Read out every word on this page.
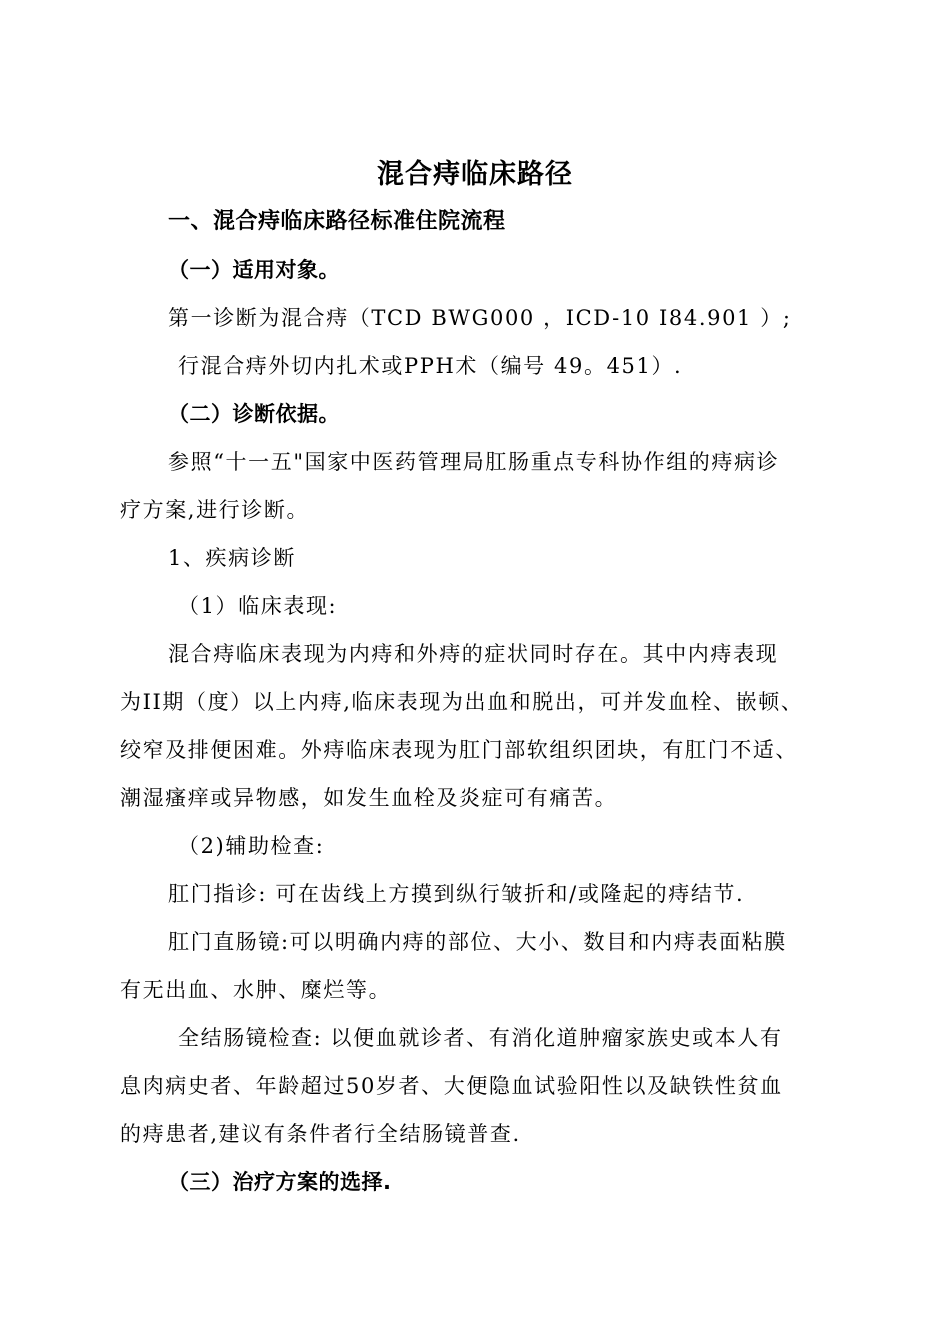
混合痔临床路径
一、混合痔临床路径标准住院流程
（一）适用对象。
第一诊断为混合痔（TCD BWG000 ，ICD-10 I84.901 ）;
行混合痔外切内扎术或PPH术（编号 49。451）.
（二）诊断依据。
参照“十一五"国家中医药管理局肛肠重点专科协作组的痔病诊
疗方案,进行诊断。
1、疾病诊断
（1）临床表现:
混合痔临床表现为内痔和外痔的症状同时存在。其中内痔表现
为II期（度）以上内痔,临床表现为出血和脱出，可并发血栓、嵌顿、
绞窄及排便困难。外痔临床表现为肛门部软组织团块，有肛门不适、
潮湿瘙痒或异物感，如发生血栓及炎症可有痛苦。
（2)辅助检查:
肛门指诊: 可在齿线上方摸到纵行皱折和/或隆起的痔结节.
肛门直肠镜:可以明确内痔的部位、大小、数目和内痔表面粘膜
有无出血、水肿、糜烂等。
全结肠镜检查: 以便血就诊者、有消化道肿瘤家族史或本人有
息肉病史者、年龄超过50岁者、大便隐血试验阳性以及缺铁性贫血
的痔患者,建议有条件者行全结肠镜普查.
（三）治疗方案的选择.
